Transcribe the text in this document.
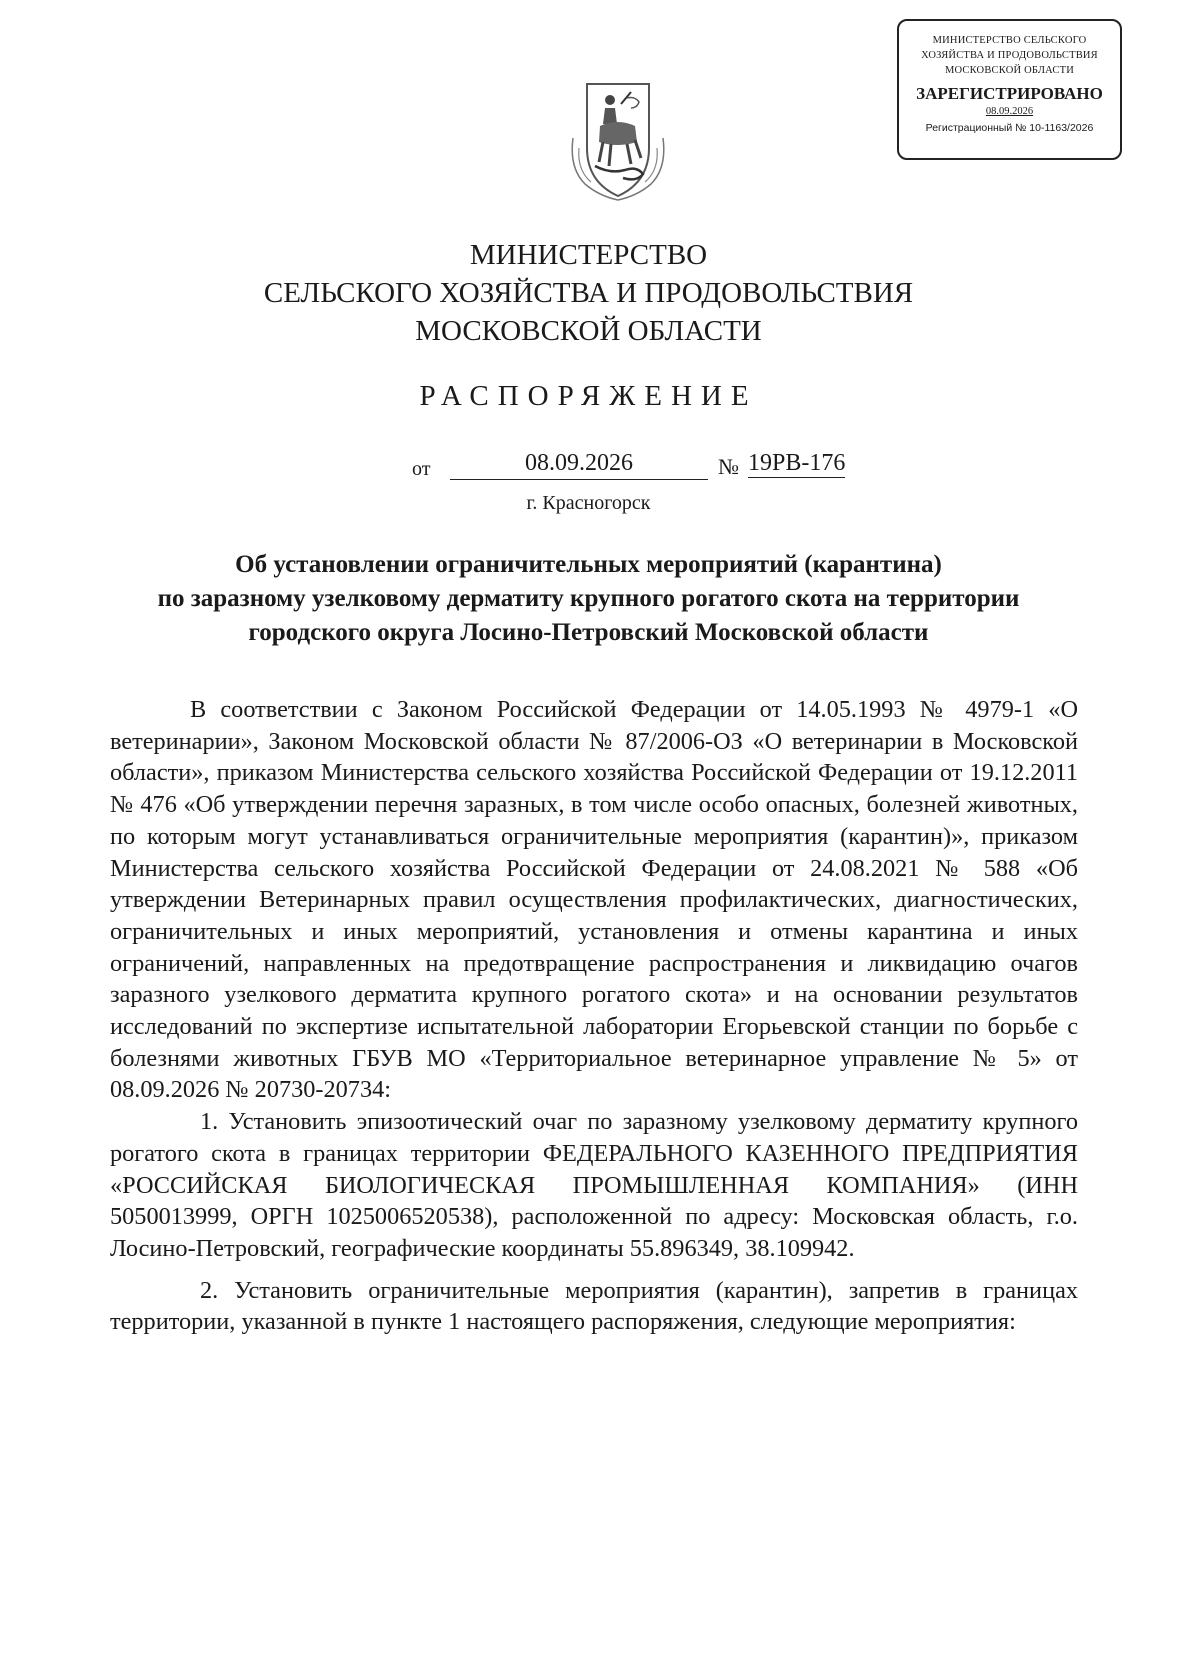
МИНИСТЕРСТВО СЕЛЬСКОГО
ХОЗЯЙСТВА И ПРОДОВОЛЬСТВИЯ
МОСКОВСКОЙ ОБЛАСТИ
ЗАРЕГИСТРИРОВАНО
08.09.2026
Регистрационный № 10-1163/2026
МИНИСТЕРСТВО
СЕЛЬСКОГО ХОЗЯЙСТВА И ПРОДОВОЛЬСТВИЯ
МОСКОВСКОЙ ОБЛАСТИ
РАСПОРЯЖЕНИЕ
от	08.09.2026	№ 19РВ-176
г. Красногорск
Об установлении ограничительных мероприятий (карантина)
по заразному узелковому дерматиту крупного рогатого скота на территории
городского округа Лосино-Петровский Московской области

В соответствии с Законом Российской Федерации от 14.05.1993 № 4979-1 «О ветеринарии», Законом Московской области № 87/2006-ОЗ «О ветеринарии в Московской области», приказом Министерства сельского хозяйства Российской Федерации от 19.12.2011 № 476 «Об утверждении перечня заразных, в том числе особо опасных, болезней животных, по которым могут устанавливаться ограничительные мероприятия (карантин)», приказом Министерства сельского хозяйства Российской Федерации от 24.08.2021 № 588 «Об утверждении Ветеринарных правил осуществления профилактических, диагностических, ограничительных и иных мероприятий, установления и отмены карантина и иных ограничений, направленных на предотвращение распространения и ликвидацию очагов заразного узелкового дерматита крупного рогатого скота» и на основании результатов исследований по экспертизе испытательной лаборатории Егорьевской станции по борьбе с болезнями животных ГБУВ МО «Территориальное ветеринарное управление № 5» от 08.09.2026 № 20730-20734:

1. Установить эпизоотический очаг по заразному узелковому дерматиту крупного рогатого скота в границах территории ФЕДЕРАЛЬНОГО КАЗЕННОГО ПРЕДПРИЯТИЯ «РОССИЙСКАЯ БИОЛОГИЧЕСКАЯ ПРОМЫШЛЕННАЯ КОМПАНИЯ» (ИНН 5050013999, ОРГН 1025006520538), расположенной по адресу: Московская область, г.о. Лосино-Петровский, географические координаты 55.896349, 38.109942.

2. Установить ограничительные мероприятия (карантин), запретив в границах территории, указанной в пункте 1 настоящего распоряжения, следующие мероприятия:
